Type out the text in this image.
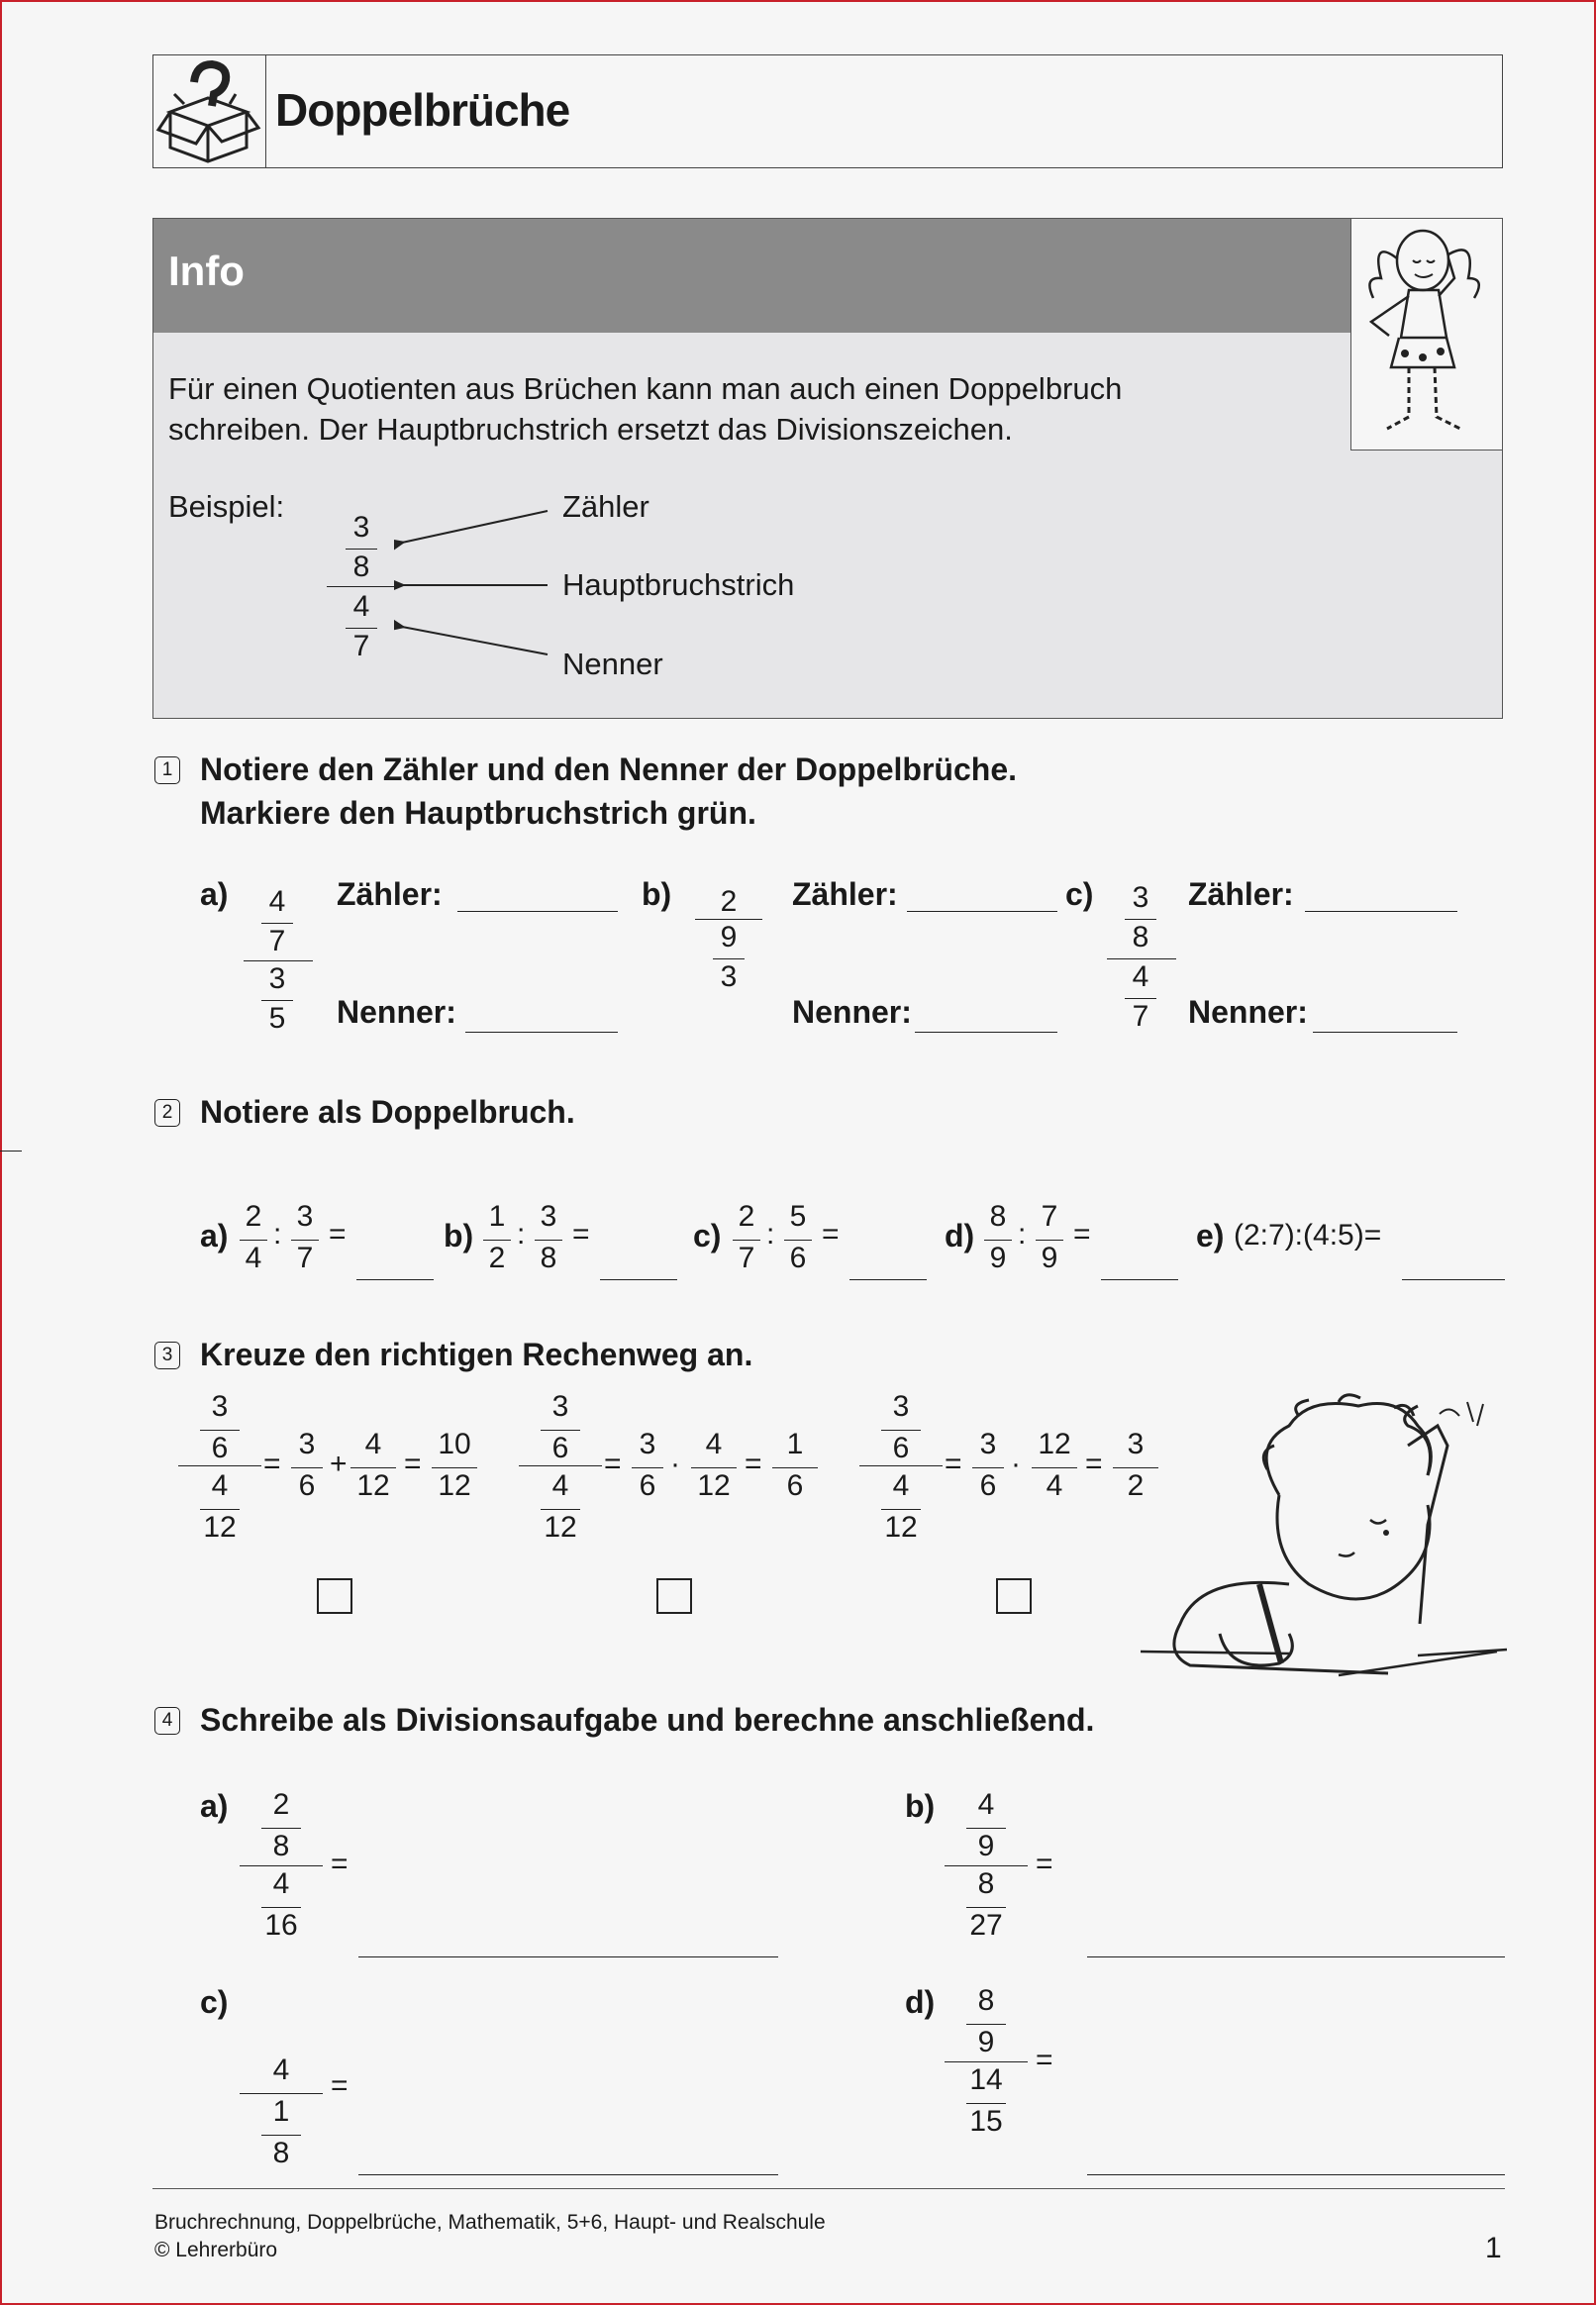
Doppelbrüche
Info
Für einen Quotienten aus Brüchen kann man auch einen Doppelbruch
schreiben. Der Hauptbruchstrich ersetzt das Divisionszeichen.
Beispiel:
3
8
4
7
Zähler
Hauptbruchstrich
Nenner
1 Notiere den Zähler und den Nenner der Doppelbrüche.
Markiere den Hauptbruchstrich grün.
a)	4
7
3
5
Zähler:
Nenner:
b)	2
9
3
Zähler:
Nenner:
c)	3
8
4
7
Zähler:
Nenner:
2 Notiere als Doppelbruch.
a)
2
4
:
3
7
=	b)
1
2
:
3
8
=	c)
2
7
:
5
6
=	d)
8
9
:
7
9
=	e) (2:7):(4:5)=
3 Kreuze den richtigen Rechenweg an.
3
6
4
12
=
3
6
+
4
12
=
10
12
3
6
4
12
=
3
6
·
4
12
=
1
6
3
6
4
12
=
3
6
·
12
4
=
3
2
4 Schreibe als Divisionsaufgabe und berechne anschließend.
a)	2
8
4
16
=
b)	4
9
8
27
=
c)
4
1
8
=
d)	8
9
14
15
=
Bruchrechnung, Doppelbrüche, Mathematik, 5+6, Haupt- und Realschule
© Lehrerbüro	1
